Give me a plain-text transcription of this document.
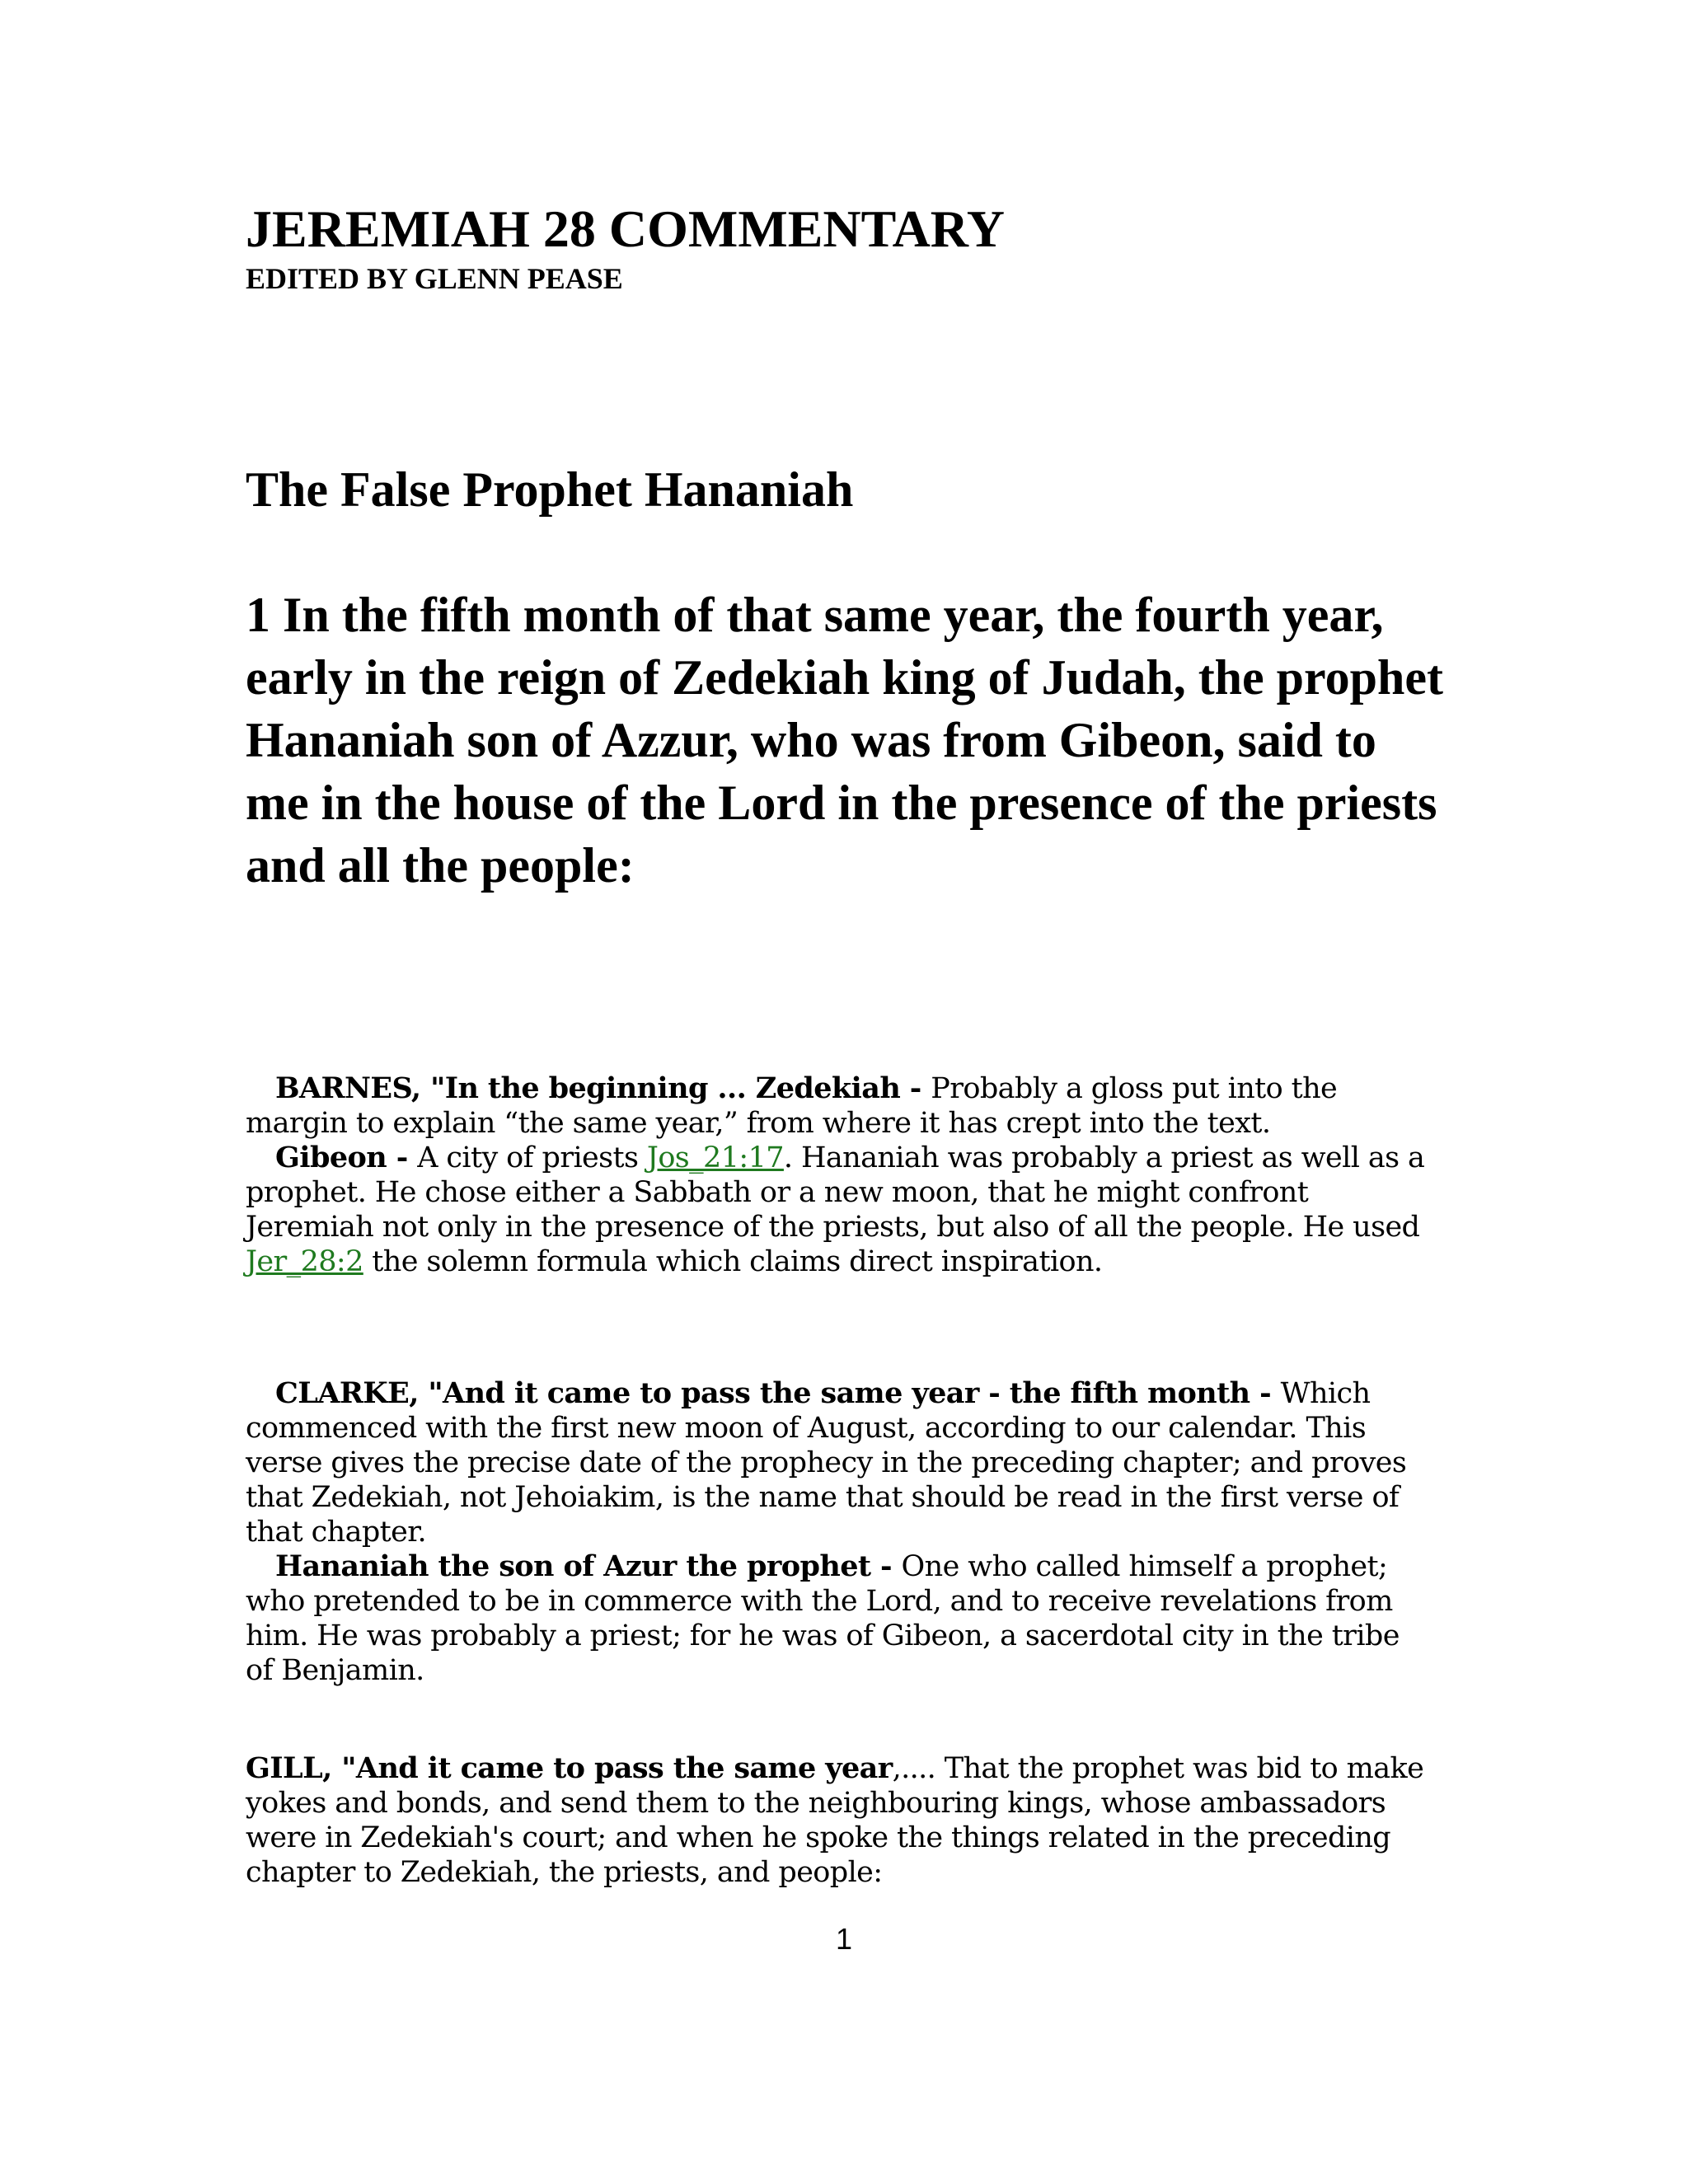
JEREMIAH 28 COMMENTARY
EDITED BY GLENN PEASE
The False Prophet Hananiah

1 In the fifth month of that same year, the fourth year, early in the reign of Zedekiah king of Judah, the prophet Hananiah son of Azzur, who was from Gibeon, said to me in the house of the Lord in the presence of the priests and all the people:

BARNES, "In the beginning ... Zedekiah - Probably a gloss put into the margin to explain “the same year,” from where it has crept into the text.

Gibeon - A city of priests Jos_21:17. Hananiah was probably a priest as well as a prophet. He chose either a Sabbath or a new moon, that he might confront Jeremiah not only in the presence of the priests, but also of all the people. He used Jer_28:2 the solemn formula which claims direct inspiration.

CLARKE, "And it came to pass the same year - the fifth month - Which commenced with the first new moon of August, according to our calendar. This verse gives the precise date of the prophecy in the preceding chapter; and proves that Zedekiah, not Jehoiakim, is the name that should be read in the first verse of that chapter.

Hananiah the son of Azur the prophet - One who called himself a prophet; who pretended to be in commerce with the Lord, and to receive revelations from him. He was probably a priest; for he was of Gibeon, a sacerdotal city in the tribe of Benjamin.

GILL, "And it came to pass the same year,.... That the prophet was bid to make yokes and bonds, and send them to the neighbouring kings, whose ambassadors were in Zedekiah's court; and when he spoke the things related in the preceding chapter to Zedekiah, the priests, and people:

1
